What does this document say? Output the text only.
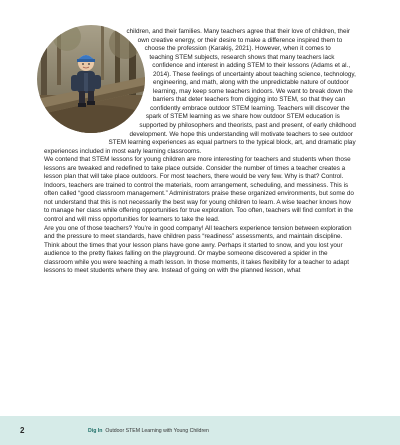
children, and their families. Many teachers agree that their love of children, their own creative energy, or their desire to make a difference inspired them to choose the profession (Karakiş, 2021). However, when it comes to teaching STEM subjects, research shows that many teachers lack confidence and interest in adding STEM to their lessons (Adams et al., 2014). These feelings of uncertainty about teaching science, technology, engineering, and math, along with the unpredictable nature of outdoor learning, may keep some teachers indoors. We want to break down the barriers that deter teachers from digging into STEM, so that they can confidently embrace outdoor STEM learning. Teachers will discover the spark of STEM learning as we share how outdoor STEM education is supported by philosophers and theorists, past and present, of early childhood development. We hope this understanding will motivate teachers to see outdoor STEM learning experiences as equal partners to the typical block, art, and dramatic play experiences included in most early learning classrooms.

We contend that STEM lessons for young children are more interesting for teachers and students when those lessons are tweaked and redefined to take place outside. Consider the number of times a teacher creates a lesson plan that will take place outdoors. For most teachers, there would be very few. Why is that? Control. Indoors, teachers are trained to control the materials, room arrangement, scheduling, and messiness. This is often called “good classroom management.” Administrators praise these organized environments, but some do not understand that this is not necessarily the best way for young children to learn. A wise teacher knows how to manage her class while offering opportunities for true exploration. Too often, teachers will find comfort in the control and will miss opportunities for learners to take the lead.

Are you one of those teachers? You’re in good company! All teachers experience tension between exploration and the pressure to meet standards, have children pass “readiness” assessments, and maintain discipline. Think about the times that your lesson plans have gone awry. Perhaps it started to snow, and you lost your audience to the pretty flakes falling on the playground. Or maybe someone discovered a spider in the classroom while you were teaching a math lesson. In those moments, it takes flexibility for a teacher to adapt lessons to meet students where they are. Instead of going on with the planned lesson, what

2	Dig In Outdoor STEM Learning with Young Children
